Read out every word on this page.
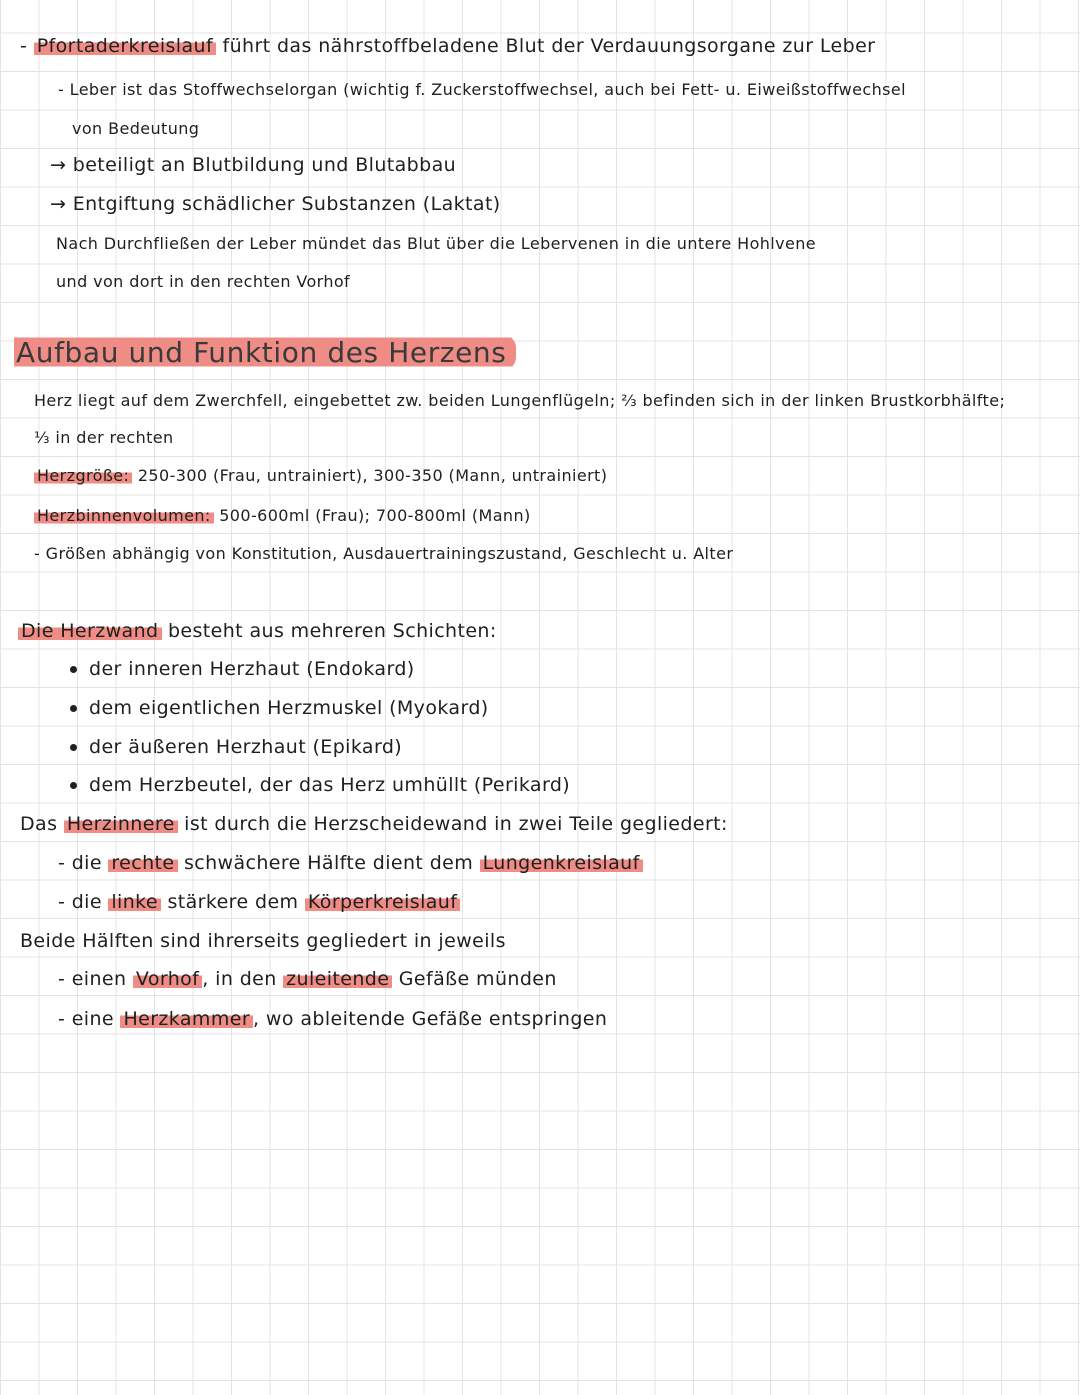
- Pfortaderkreislauf führt das nährstoffbeladene Blut der Verdauungsorgane zur Leber
- Leber ist das Stoffwechselorgan (wichtig f. Zuckerstoffwechsel, auch bei Fett- u. Eiweißstoffwechsel
von Bedeutung
→ beteiligt an Blutbildung und Blutabbau
→ Entgiftung schädlicher Substanzen (Laktat)
Nach Durchfließen der Leber mündet das Blut über die Lebervenen in die untere Hohlvene
und von dort in den rechten Vorhof
Aufbau und Funktion des Herzens
Herz liegt auf dem Zwerchfell, eingebettet zw. beiden Lungenflügeln; ⅔ befinden sich in der linken Brustkorbhälfte;
⅓ in der rechten
Herzgröße: 250-300 (Frau, untrainiert), 300-350 (Mann, untrainiert)
Herzbinnenvolumen: 500-600ml (Frau); 700-800ml (Mann)
- Größen abhängig von Konstitution, Ausdauertrainingszustand, Geschlecht u. Alter
Die Herzwand besteht aus mehreren Schichten:
der inneren Herzhaut (Endokard)
dem eigentlichen Herzmuskel (Myokard)
der äußeren Herzhaut (Epikard)
dem Herzbeutel, der das Herz umhüllt (Perikard)
Das Herzinnere ist durch die Herzscheidewand in zwei Teile gegliedert:
- die rechte schwächere Hälfte dient dem Lungenkreislauf
- die linke stärkere dem Körperkreislauf
Beide Hälften sind ihrerseits gegliedert in jeweils
- einen Vorhof , in den zuleitende Gefäße münden
- eine Herzkammer , wo ableitende Gefäße entspringen
